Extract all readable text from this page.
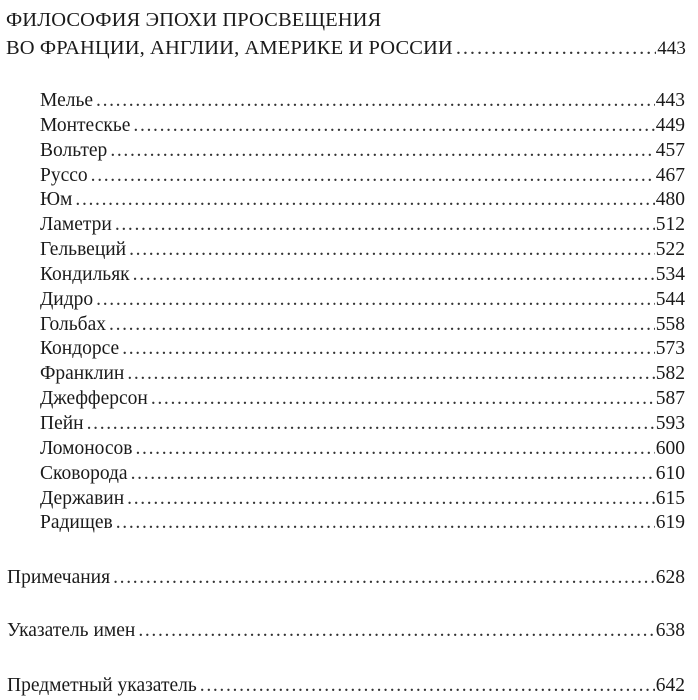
ФИЛОСОФИЯ ЭПОХИ ПРОСВЕЩЕНИЯ
ВО ФРАНЦИИ, АНГЛИИ, АМЕРИКЕ И РОССИИ . . .	443
Мелье . . .	443
Монтескье . . .	449
Вольтер . . .	457
Руссо . . .	467
Юм . . .	480
Ламетри . . .	512
Гельвеций . . .	522
Кондильяк . . .	534
Дидро . . .	544
Гольбах . . .	558
Кондорсе . . .	573
Франклин . . .	582
Джефферсон . . .	587
Пейн . . .	593
Ломоносов . . .	600
Сковорода . . .	610
Державин . . .	615
Радищев . . .	619
Примечания . . .	628
Указатель имен . . .	638
Предметный указатель . . .	642
